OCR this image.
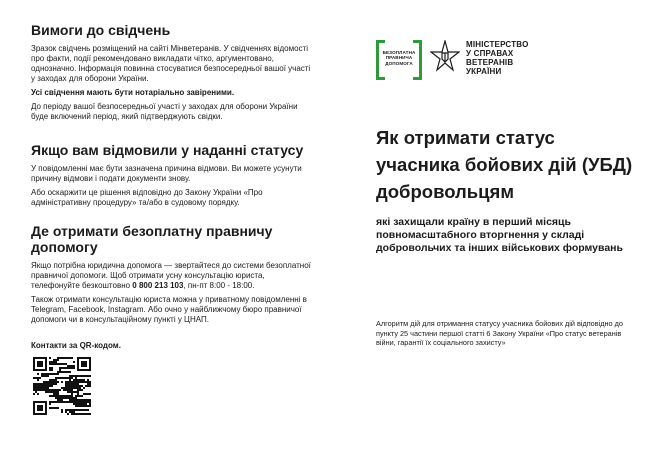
Вимоги до свідчень
Зразок свідчень розміщений на сайті Мінветеранів. У свідченнях відомості про факти, події рекомендовано викладати чітко, аргументовано, однозначно. Інформація повинна стосуватися безпосередньої вашої участі у заходах для оборони України.
Усі свідчення мають бути нотаріально завіреними.
До періоду вашої безпосередньої участі у заходах для оборони України буде включений період, який підтверджують свідки.
Якщо вам відмовили у наданні статусу
У повідомленні має бути зазначена причина відмови. Ви можете усунути причину відмови і подати документи знову.
Або оскаржити це рішення відповідно до Закону України «Про адміністративну процедуру» та/або в судовому порядку.
Де отримати безоплатну правничу допомогу
Якщо потрібна юридична допомога — звертайтеся до системи безоплатної правничої допомоги. Щоб отримати усну консультацію юриста, телефонуйте безкоштовно 0 800 213 103, пн-пт 8:00 - 18:00.
Також отримати консультацію юриста можна у приватному повідомленні в Telegram, Facebook, Instagram. Або очно у найближчому бюро правничої допомоги чи в консультаційному пункті у ЦНАП.
Контакти за QR-кодом.
БЕЗОПЛАТНА ПРАВНИЧА ДОПОМОГА
МІНІСТЕРСТВО
У СПРАВАХ
ВЕТЕРАНІВ
УКРАЇНИ
Як отримати статус учасника бойових дій (УБД) добровольцям

які захищали країну в перший місяць повномасштабного вторгнення у складі добровольчих та інших військових формувань

Алгоритм дій для отримання статусу учасника бойових дій відповідно до пункту 25 частини першої статті 6 Закону України «Про статус ветеранів війни, гарантії їх соціального захисту»
